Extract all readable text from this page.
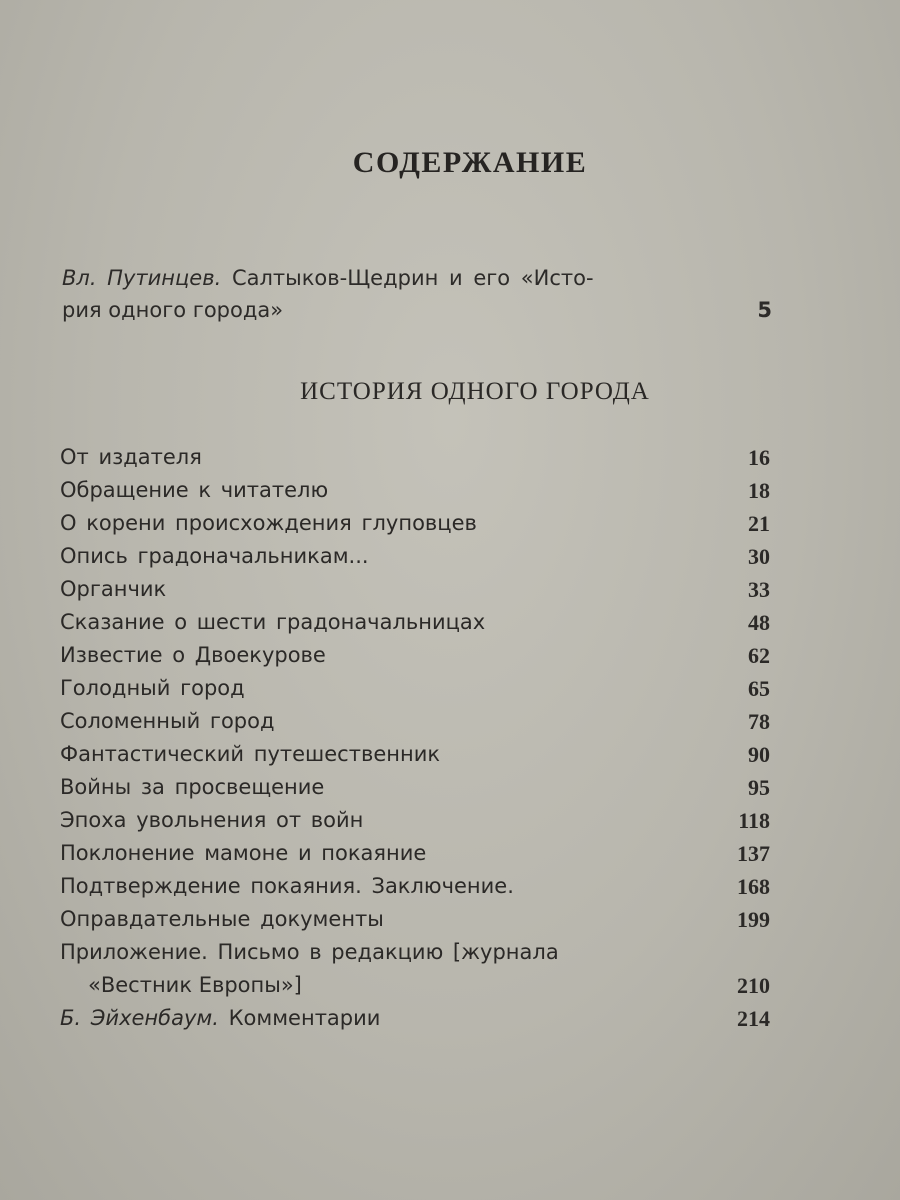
СОДЕРЖАНИЕ
Вл. Путинцев. Салтыков-Щедрин и его «Исто-
рия одного города»	5
ИСТОРИЯ ОДНОГО ГОРОДА
От издателя	16
Обращение к читателю	18
О корени происхождения глуповцев	21
Опись градоначальникам...	30
Органчик	33
Сказание о шести градоначальницах	48
Известие о Двоекурове	62
Голодный город	65
Соломенный город	78
Фантастический путешественник	90
Войны за просвещение	95
Эпоха увольнения от войн	118
Поклонение мамоне и покаяние	137
Подтверждение покаяния. Заключение.	168
Оправдательные документы	199
Приложение. Письмо в редакцию [журнала
«Вестник Европы»]	210
Б. Эйхенбаум. Комментарии	214
